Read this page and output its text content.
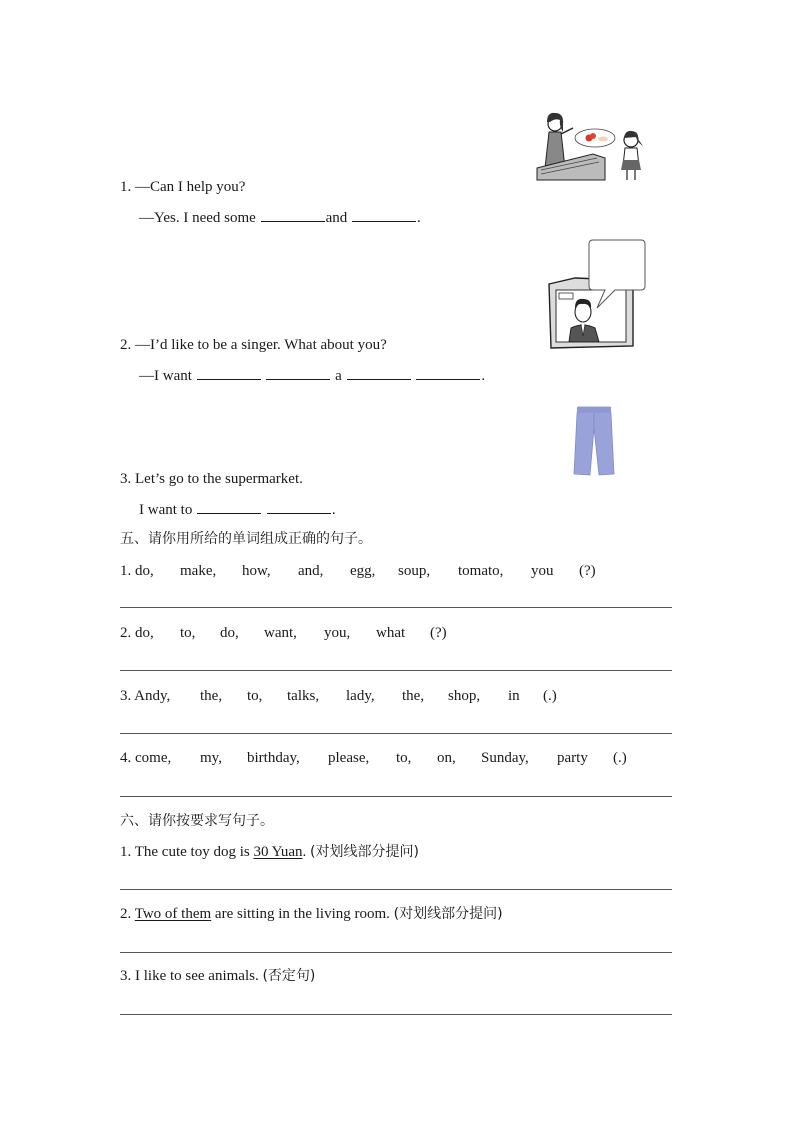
1. —Can I help you?
—Yes. I need some	and	.
2. —I’d like to be a singer. What about you?
—I want	a	.
3. Let’s go to the supermarket.
I want to	.
五、请你用所给的单词组成正确的句子。
1. do, make, how, and, egg, soup, tomato, you (?)
2. do, to, do, want, you, what (?)
3. Andy, the, to, talks, lady, the, shop, in (.)
4. come, my, birthday, please, to, on, Sunday, party (.)
六、请你按要求写句子。
1. The cute toy dog is 30 Yuan. (对划线部分提问)
2. Two of them are sitting in the living room. (对划线部分提问)
3. I like to see animals. (否定句)
